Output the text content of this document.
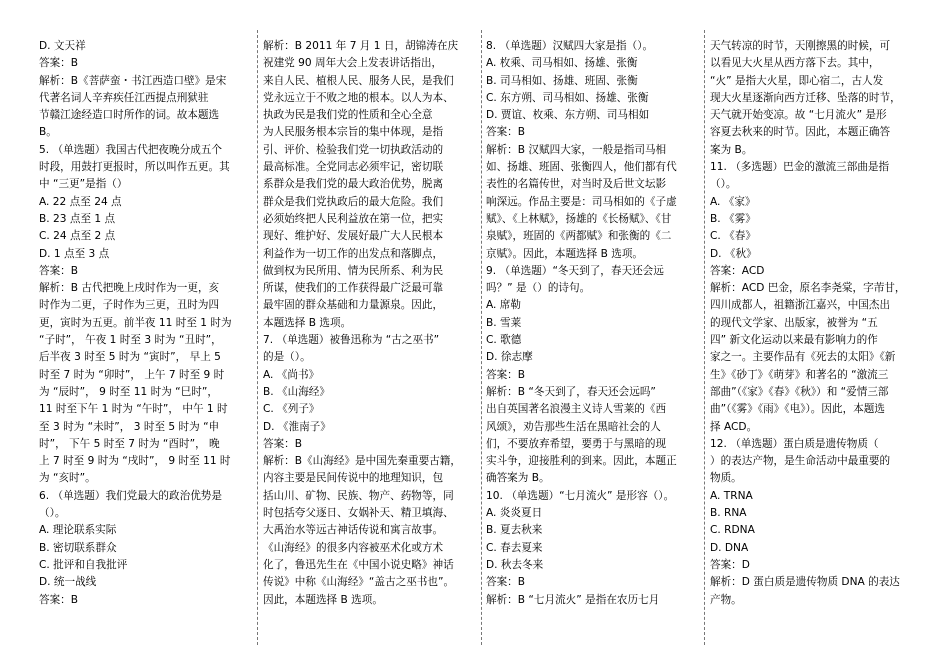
D. 文天祥
答案：B
解析：B《菩萨蛮・书江西造口壁》是宋
代著名词人辛弃疾任江西提点刑狱驻
节赣江途经造口时所作的词。故本题选
B。
5. （单选题）我国古代把夜晚分成五个
时段，用鼓打更报时，所以叫作五更。其
中 “三更”是指（）
A. 22 点至 24 点
B. 23 点至 1 点
C. 24 点至 2 点
D. 1 点至 3 点
答案：B
解析：B 古代把晚上戌时作为一更，亥
时作为二更，子时作为三更，丑时为四
更，寅时为五更。前半夜 11 时至 1 时为
“子时”， 午夜 1 时至 3 时为 “丑时”，
后半夜 3 时至 5 时为 “寅时”， 早上 5
时至 7 时为 “卯时”， 上午 7 时至 9 时
为 “辰时”， 9 时至 11 时为 “巳时”，
11 时至下午 1 时为 “午时”， 中午 1 时
至 3 时为 “未时”， 3 时至 5 时为 “申
时”， 下午 5 时至 7 时为 “酉时”， 晚
上 7 时至 9 时为 “戌时”， 9 时至 11 时
为 “亥时”。
6. （单选题）我们党最大的政治优势是
（）。
A. 理论联系实际
B. 密切联系群众
C. 批评和自我批评
D. 统一战线
答案：B
解析：B 2011 年 7 月 1 日，胡锦涛在庆
祝建党 90 周年大会上发表讲话指出，
来自人民、植根人民、服务人民，是我们
党永远立于不败之地的根本。以人为本、
执政为民是我们党的性质和全心全意
为人民服务根本宗旨的集中体现，是指
引、评价、检验我们党一切执政活动的
最高标准。全党同志必须牢记，密切联
系群众是我们党的最大政治优势，脱离
群众是我们党执政后的最大危险。我们
必须始终把人民利益放在第一位，把实
现好、维护好、发展好最广大人民根本
利益作为一切工作的出发点和落脚点，
做到权为民所用、情为民所系、利为民
所谋，使我们的工作获得最广泛最可靠
最牢固的群众基础和力量源泉。因此，
本题选择 B 选项。
7. （单选题）被鲁迅称为 “古之巫书”
的是（）。
A. 《尚书》
B. 《山海经》
C. 《列子》
D. 《淮南子》
答案：B
解析：B《山海经》是中国先秦重要古籍，
内容主要是民间传说中的地理知识，包
括山川、矿物、民族、物产、药物等，同
时包括夸父逐日、女娲补天、精卫填海、
大禹治水等远古神话传说和寓言故事。
《山海经》的很多内容被巫术化或方术
化了，鲁迅先生在《中国小说史略》神话
传说》中称《山海经》“盖古之巫书也”。
因此，本题选择 B 选项。
8. （单选题）汉赋四大家是指（）。
A. 枚乘、司马相如、扬雄、张衡
B. 司马相如、扬雄、班固、张衡
C. 东方朔、司马相如、扬雄、张衡
D. 贾谊、枚乘、东方朔、司马相如
答案：B
解析：B 汉赋四大家，一般是指司马相
如、扬雄、班固、张衡四人，他们都有代
表性的名篇传世，对当时及后世文坛影
响深远。作品主要是：司马相如的《子虚
赋》、《上林赋》，扬雄的《长杨赋》、《甘
泉赋》，班固的《两都赋》和张衡的《二
京赋》。因此，本题选择 B 选项。
9. （单选题）“冬天到了，春天还会远
吗？” 是（）的诗句。
A. 席勒
B. 雪莱
C. 歌德
D. 徐志摩
答案：B
解析：B “冬天到了，春天还会远吗”
出自英国著名浪漫主义诗人雪莱的《西
风颂》，劝告那些生活在黑暗社会的人
们，不要放弃希望，要勇于与黑暗的现
实斗争，迎接胜利的到来。因此，本题正
确答案为 B。
10. （单选题）“七月流火” 是形容（）。
A. 炎炎夏日
B. 夏去秋来
C. 春去夏来
D. 秋去冬来
答案：B
解析：B “七月流火” 是指在农历七月
天气转凉的时节，天刚擦黑的时候，可
以看见大火星从西方落下去。其中，
“火” 是指大火星，即心宿二，古人发
现大火星逐渐向西方迁移、坠落的时节，
天气就开始变凉。故 “七月流火” 是形
容夏去秋来的时节。因此，本题正确答
案为 B。
11. （多选题）巴金的激流三部曲是指
（）。
A. 《家》
B. 《雾》
C. 《春》
D. 《秋》
答案：ACD
解析：ACD 巴金，原名李尧棠，字芾甘，
四川成都人，祖籍浙江嘉兴，中国杰出
的现代文学家、出版家，被誉为 “五
四” 新文化运动以来最有影响力的作
家之一。主要作品有《死去的太阳》《新
生》《砂丁》《萌芽》和著名的 “激流三
部曲”（《家》《春》《秋》）和 “爱情三部
曲”（《雾》《雨》《电》）。因此，本题选
择 ACD。
12. （单选题）蛋白质是遗传物质（
）的表达产物，是生命活动中最重要的
物质。
A. TRNA
B. RNA
C. RDNA
D. DNA
答案：D
解析：D 蛋白质是遗传物质 DNA 的表达
产物。
